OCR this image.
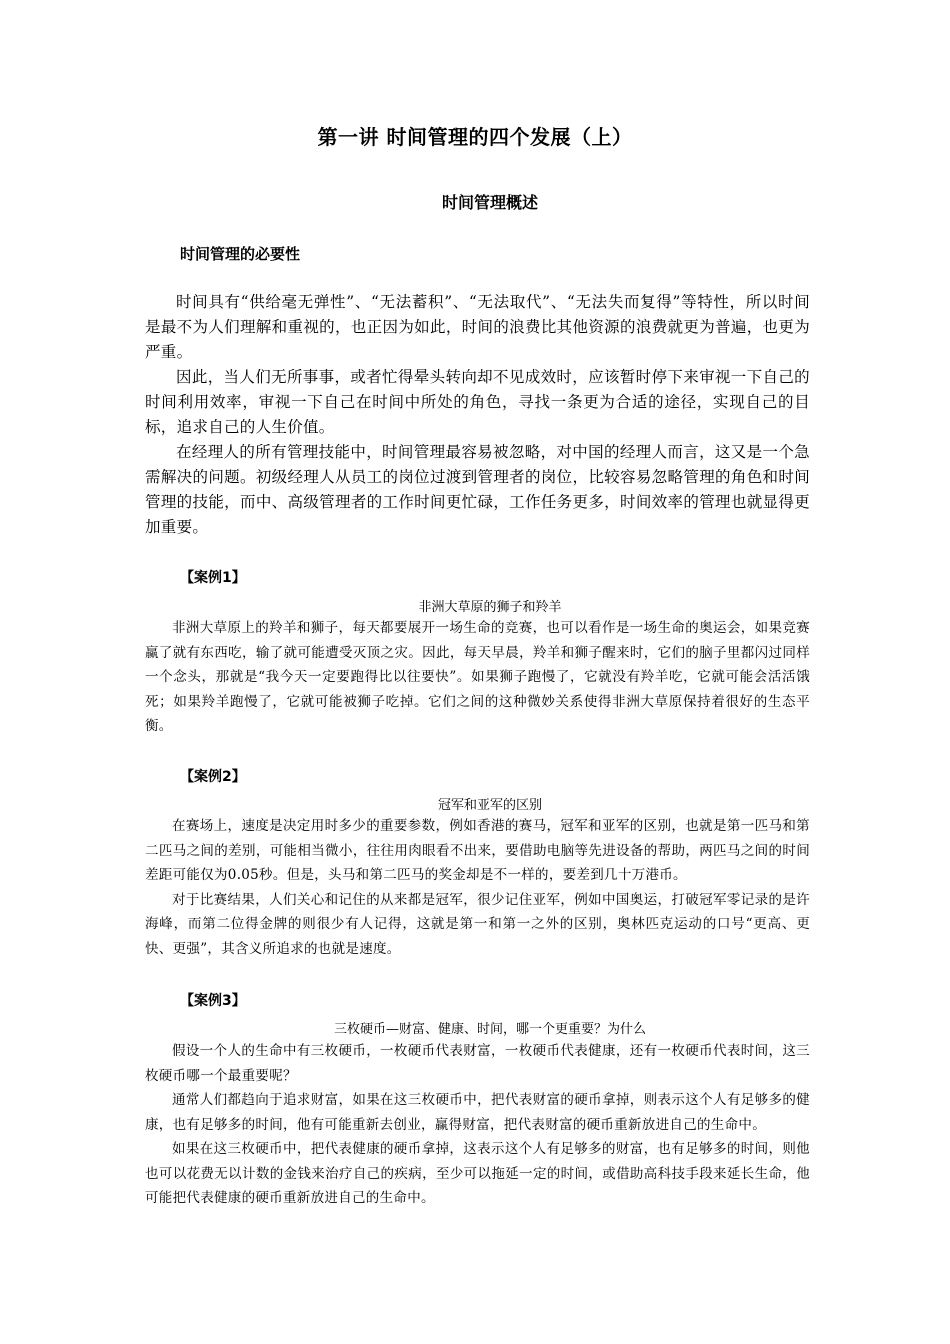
第一讲 时间管理的四个发展（上）
时间管理概述
时间管理的必要性

时间具有“供给毫无弹性”、“无法蓄积”、“无法取代”、“无法失而复得”等特性，所以时间是最不为人们理解和重视的，也正因为如此，时间的浪费比其他资源的浪费就更为普遍，也更为严重。

因此，当人们无所事事，或者忙得晕头转向却不见成效时，应该暂时停下来审视一下自己的时间利用效率，审视一下自己在时间中所处的角色，寻找一条更为合适的途径，实现自己的目标，追求自己的人生价值。

在经理人的所有管理技能中，时间管理最容易被忽略，对中国的经理人而言，这又是一个急需解决的问题。初级经理人从员工的岗位过渡到管理者的岗位，比较容易忽略管理的角色和时间管理的技能，而中、高级管理者的工作时间更忙碌，工作任务更多，时间效率的管理也就显得更加重要。

【案例1】
非洲大草原的狮子和羚羊

非洲大草原上的羚羊和狮子，每天都要展开一场生命的竞赛，也可以看作是一场生命的奥运会，如果竞赛赢了就有东西吃，输了就可能遭受灭顶之灾。因此，每天早晨，羚羊和狮子醒来时，它们的脑子里都闪过同样一个念头，那就是“我今天一定要跑得比以往要快”。如果狮子跑慢了，它就没有羚羊吃，它就可能会活活饿死；如果羚羊跑慢了，它就可能被狮子吃掉。它们之间的这种微妙关系使得非洲大草原保持着很好的生态平衡。

【案例2】
冠军和亚军的区别

在赛场上，速度是决定用时多少的重要参数，例如香港的赛马，冠军和亚军的区别，也就是第一匹马和第二匹马之间的差别，可能相当微小，往往用肉眼看不出来，要借助电脑等先进设备的帮助，两匹马之间的时间差距可能仅为0.05秒。但是，头马和第二匹马的奖金却是不一样的，要差到几十万港币。

对于比赛结果，人们关心和记住的从来都是冠军，很少记住亚军，例如中国奥运，打破冠军零记录的是许海峰，而第二位得金牌的则很少有人记得，这就是第一和第一之外的区别，奥林匹克运动的口号“更高、更快、更强”，其含义所追求的也就是速度。

【案例3】
三枚硬币—财富、健康、时间，哪一个更重要？为什么

假设一个人的生命中有三枚硬币，一枚硬币代表财富，一枚硬币代表健康，还有一枚硬币代表时间，这三枚硬币哪一个最重要呢？

通常人们都趋向于追求财富，如果在这三枚硬币中，把代表财富的硬币拿掉，则表示这个人有足够多的健康，也有足够多的时间，他有可能重新去创业，赢得财富，把代表财富的硬币重新放进自己的生命中。

如果在这三枚硬币中，把代表健康的硬币拿掉，这表示这个人有足够多的财富，也有足够多的时间，则他也可以花费无以计数的金钱来治疗自己的疾病，至少可以拖延一定的时间，或借助高科技手段来延长生命，他可能把代表健康的硬币重新放进自己的生命中。
